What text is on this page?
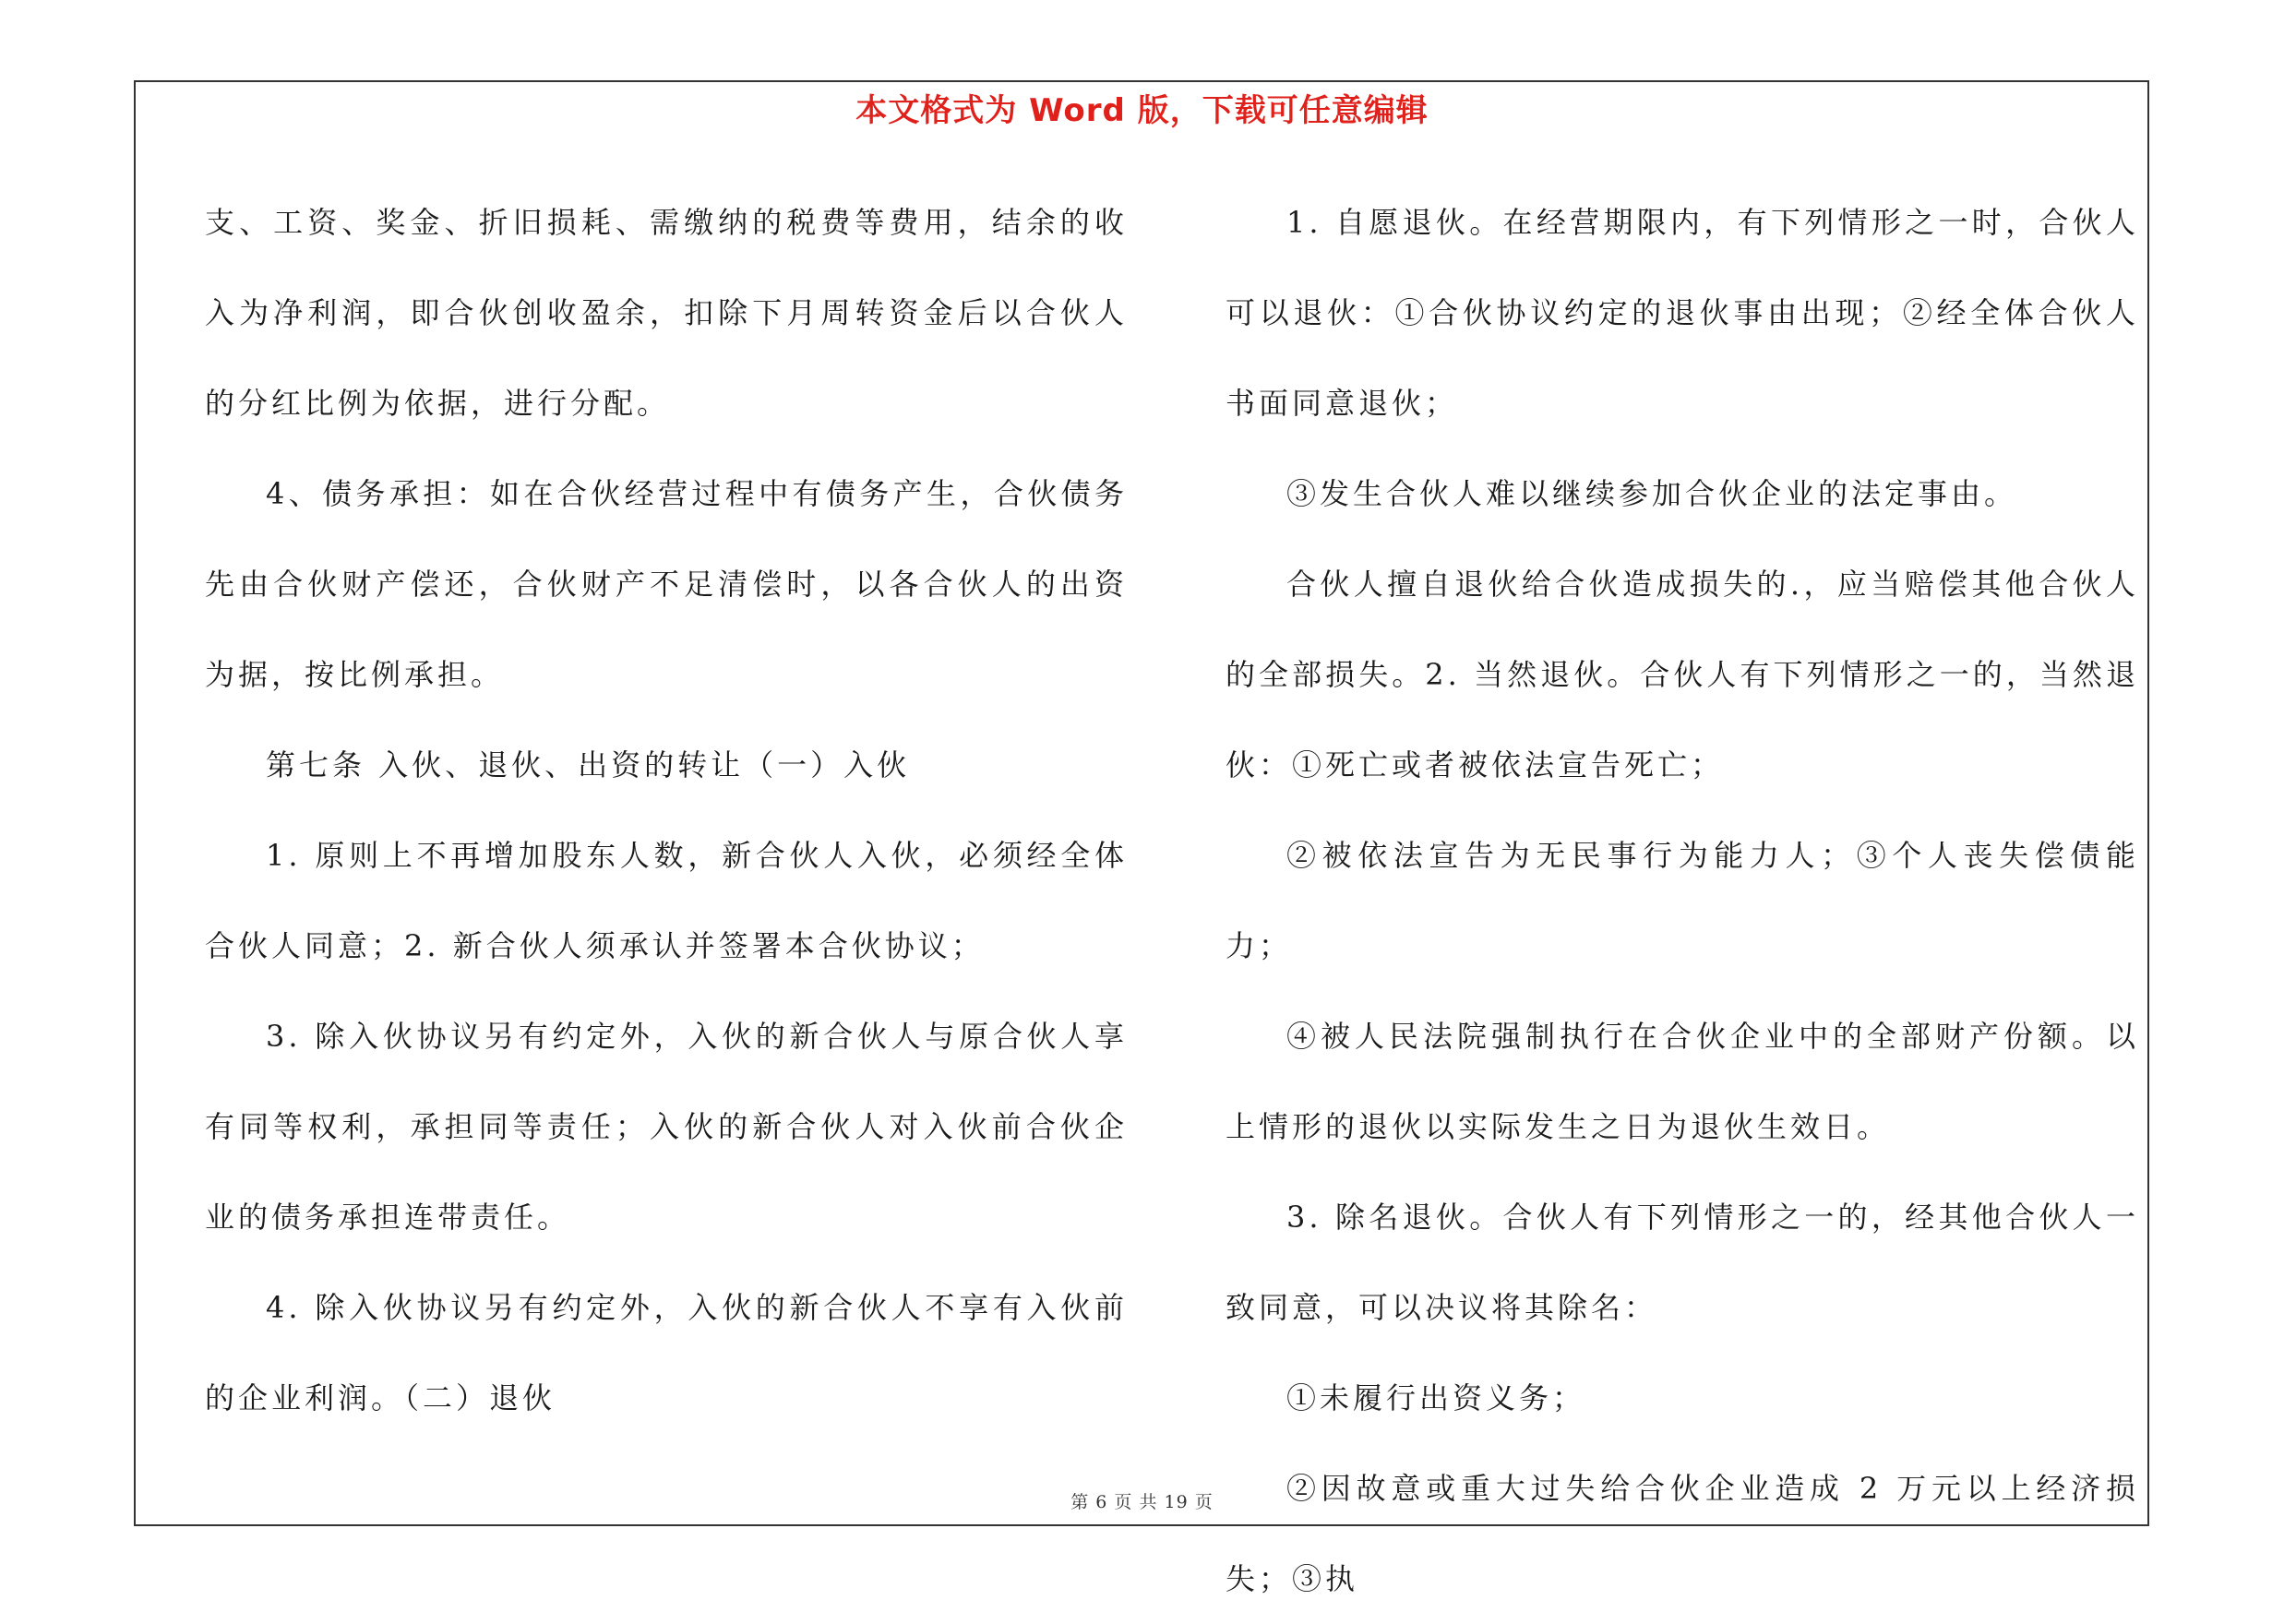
本文格式为 Word 版，下载可任意编辑

支、工资、奖金、折旧损耗、需缴纳的税费等费用，结余的收入为净利润，即合伙创收盈余，扣除下月周转资金后以合伙人的分红比例为依据，进行分配。

4、债务承担：如在合伙经营过程中有债务产生，合伙债务先由合伙财产偿还，合伙财产不足清偿时，以各合伙人的出资为据，按比例承担。

第七条 入伙、退伙、出资的转让（一）入伙

1. 原则上不再增加股东人数，新合伙人入伙，必须经全体合伙人同意；2. 新合伙人须承认并签署本合伙协议；

3. 除入伙协议另有约定外，入伙的新合伙人与原合伙人享有同等权利，承担同等责任；入伙的新合伙人对入伙前合伙企业的债务承担连带责任。

4. 除入伙协议另有约定外，入伙的新合伙人不享有入伙前的企业利润。（二）退伙

1. 自愿退伙。在经营期限内，有下列情形之一时，合伙人可以退伙：①合伙协议约定的退伙事由出现；②经全体合伙人书面同意退伙；

③发生合伙人难以继续参加合伙企业的法定事由。

合伙人擅自退伙给合伙造成损失的.，应当赔偿其他合伙人的全部损失。2. 当然退伙。合伙人有下列情形之一的，当然退伙：①死亡或者被依法宣告死亡；

②被依法宣告为无民事行为能力人；③个人丧失偿债能力；

④被人民法院强制执行在合伙企业中的全部财产份额。以上情形的退伙以实际发生之日为退伙生效日。

3. 除名退伙。合伙人有下列情形之一的，经其他合伙人一致同意，可以决议将其除名：

①未履行出资义务；

②因故意或重大过失给合伙企业造成 2 万元以上经济损失；③执

第 6 页 共 19 页
